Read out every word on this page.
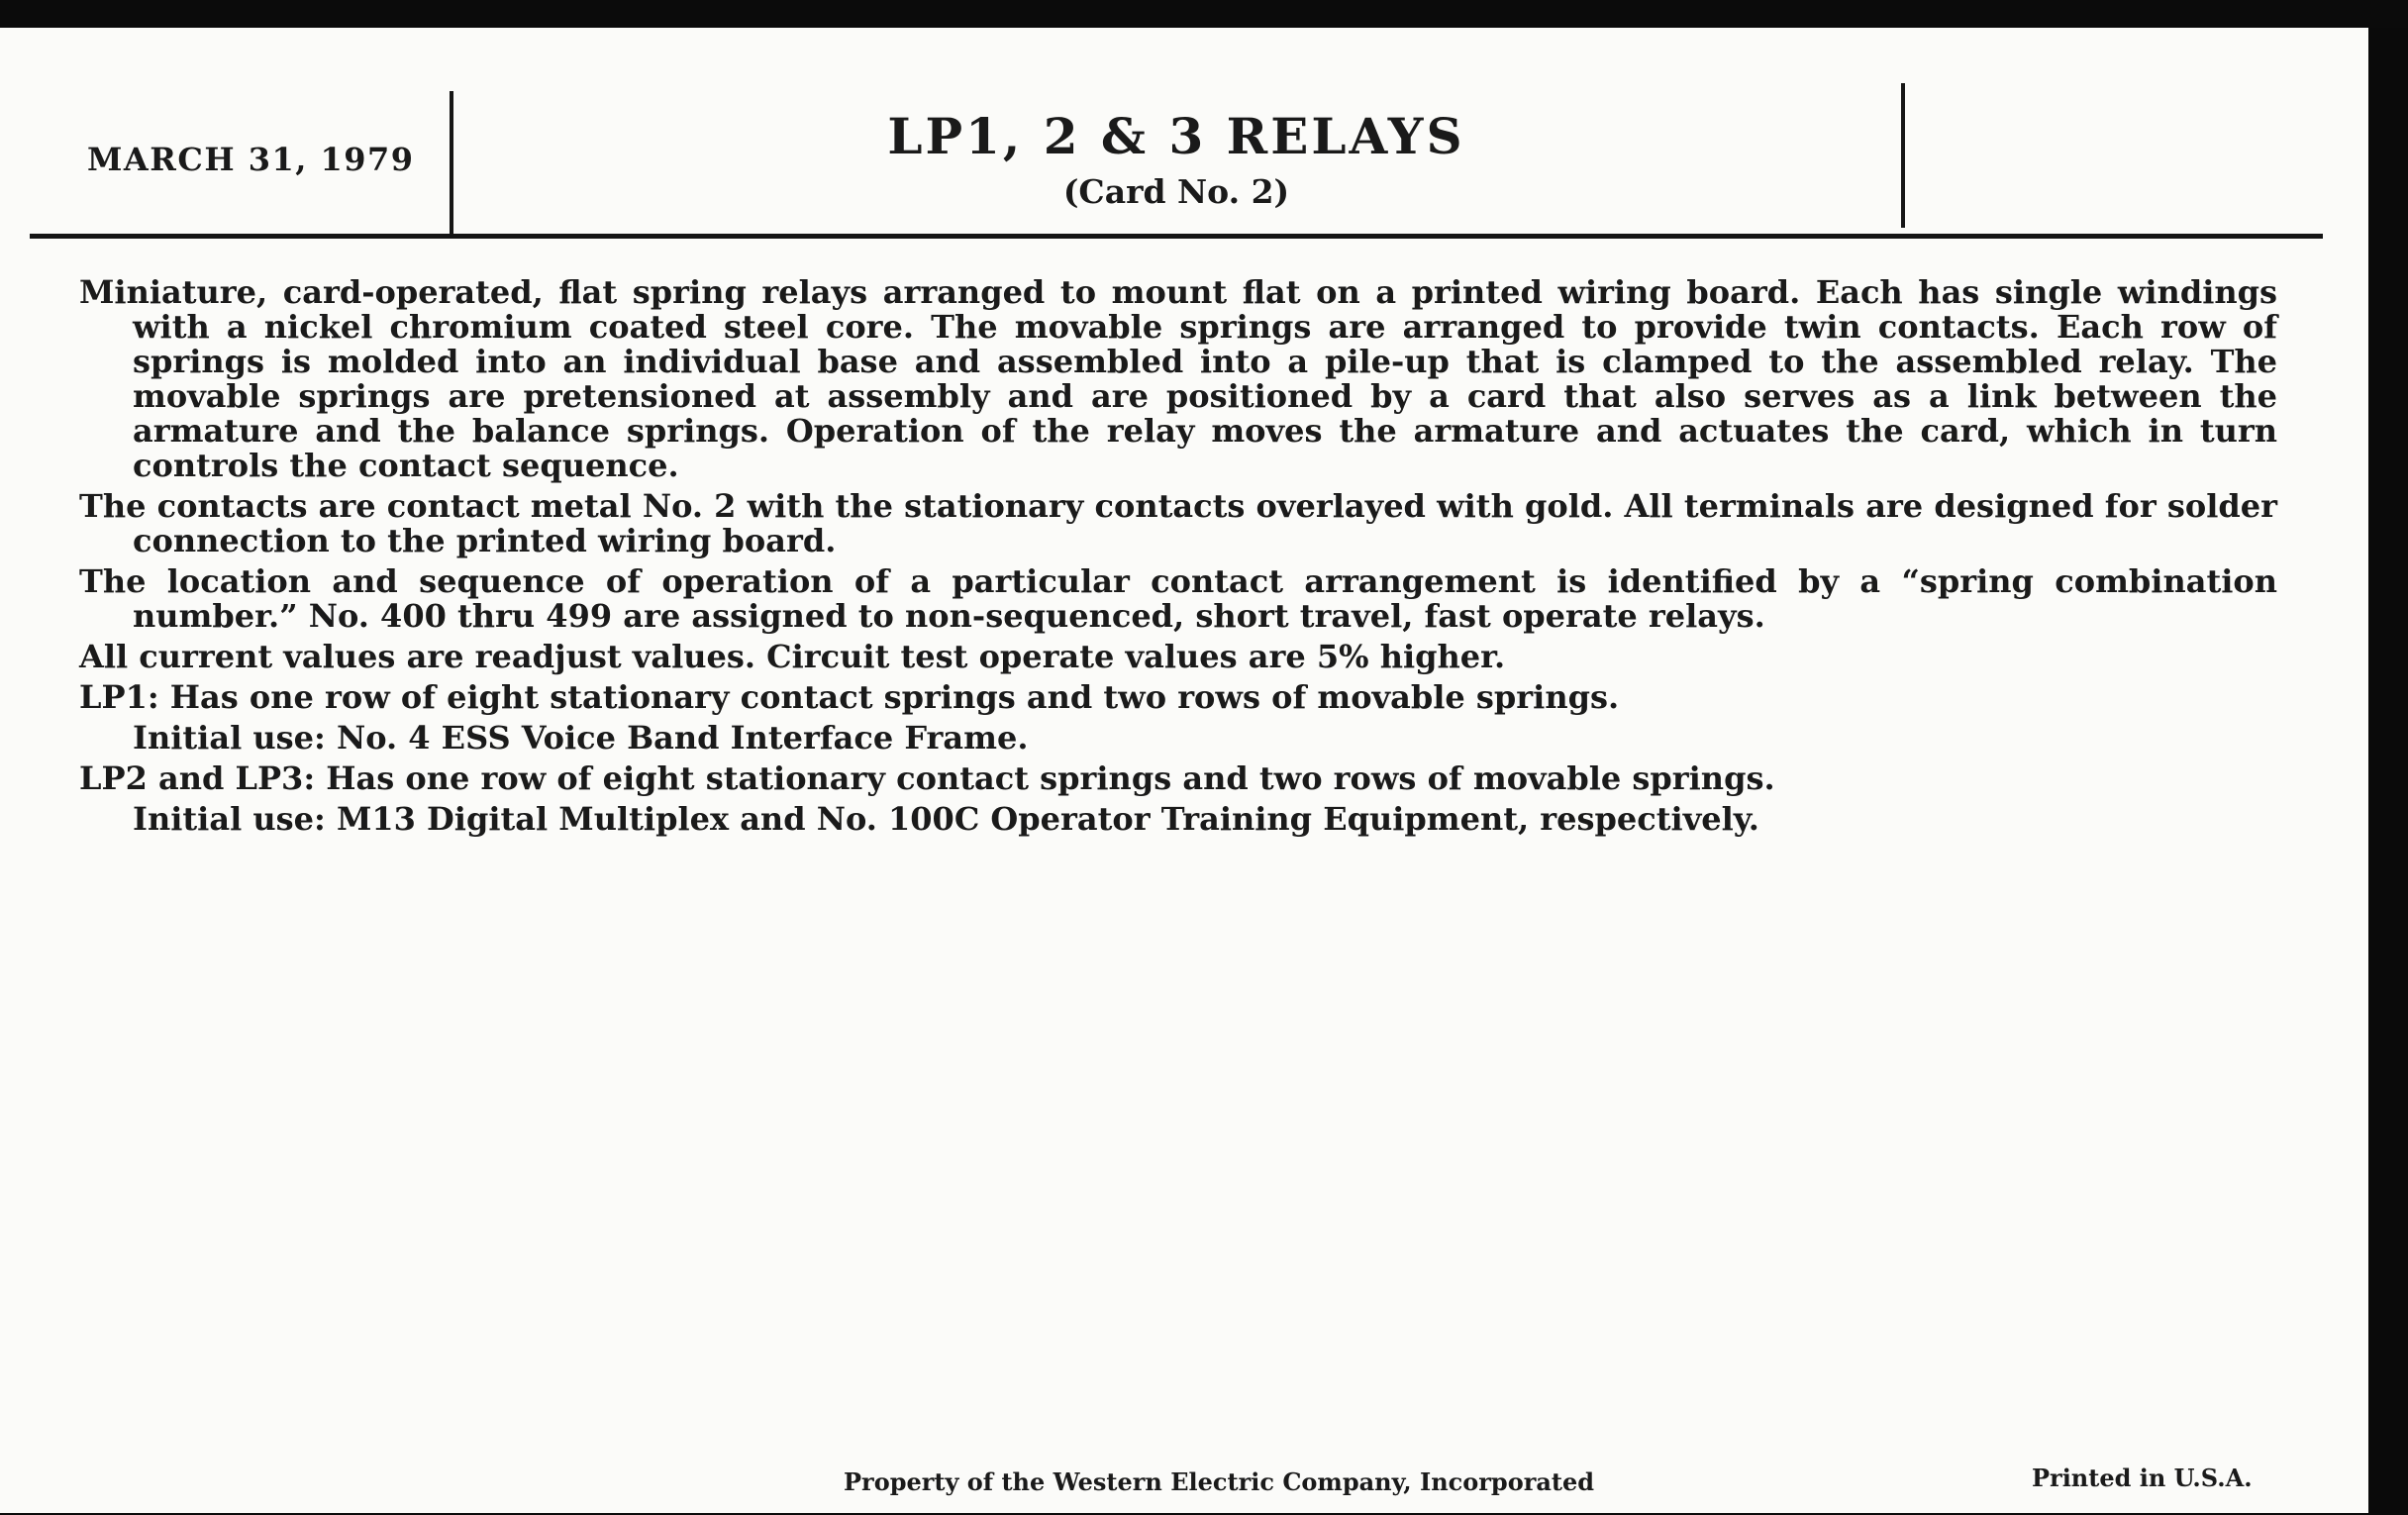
MARCH 31, 1979	LP1, 2 & 3 RELAYS
(Card No. 2)

Miniature, card-operated, flat spring relays arranged to mount flat on a printed wiring board. Each has single windings with a nickel chromium coated steel core. The movable springs are arranged to provide twin contacts. Each row of springs is molded into an individual base and assembled into a pile-up that is clamped to the assembled relay. The movable springs are pretensioned at assembly and are positioned by a card that also serves as a link between the armature and the balance springs. Operation of the relay moves the armature and actuates the card, which in turn controls the contact sequence.

The contacts are contact metal No. 2 with the stationary contacts overlayed with gold. All terminals are designed for solder connection to the printed wiring board.

The location and sequence of operation of a particular contact arrangement is identified by a “spring combination number.” No. 400 thru 499 are assigned to non-sequenced, short travel, fast operate relays.

All current values are readjust values. Circuit test operate values are 5% higher.

LP1: Has one row of eight stationary contact springs and two rows of movable springs.

Initial use: No. 4 ESS Voice Band Interface Frame.

LP2 and LP3: Has one row of eight stationary contact springs and two rows of movable springs.

Initial use: M13 Digital Multiplex and No. 100C Operator Training Equipment, respectively.

Property of the Western Electric Company, Incorporated	Printed in U.S.A.
